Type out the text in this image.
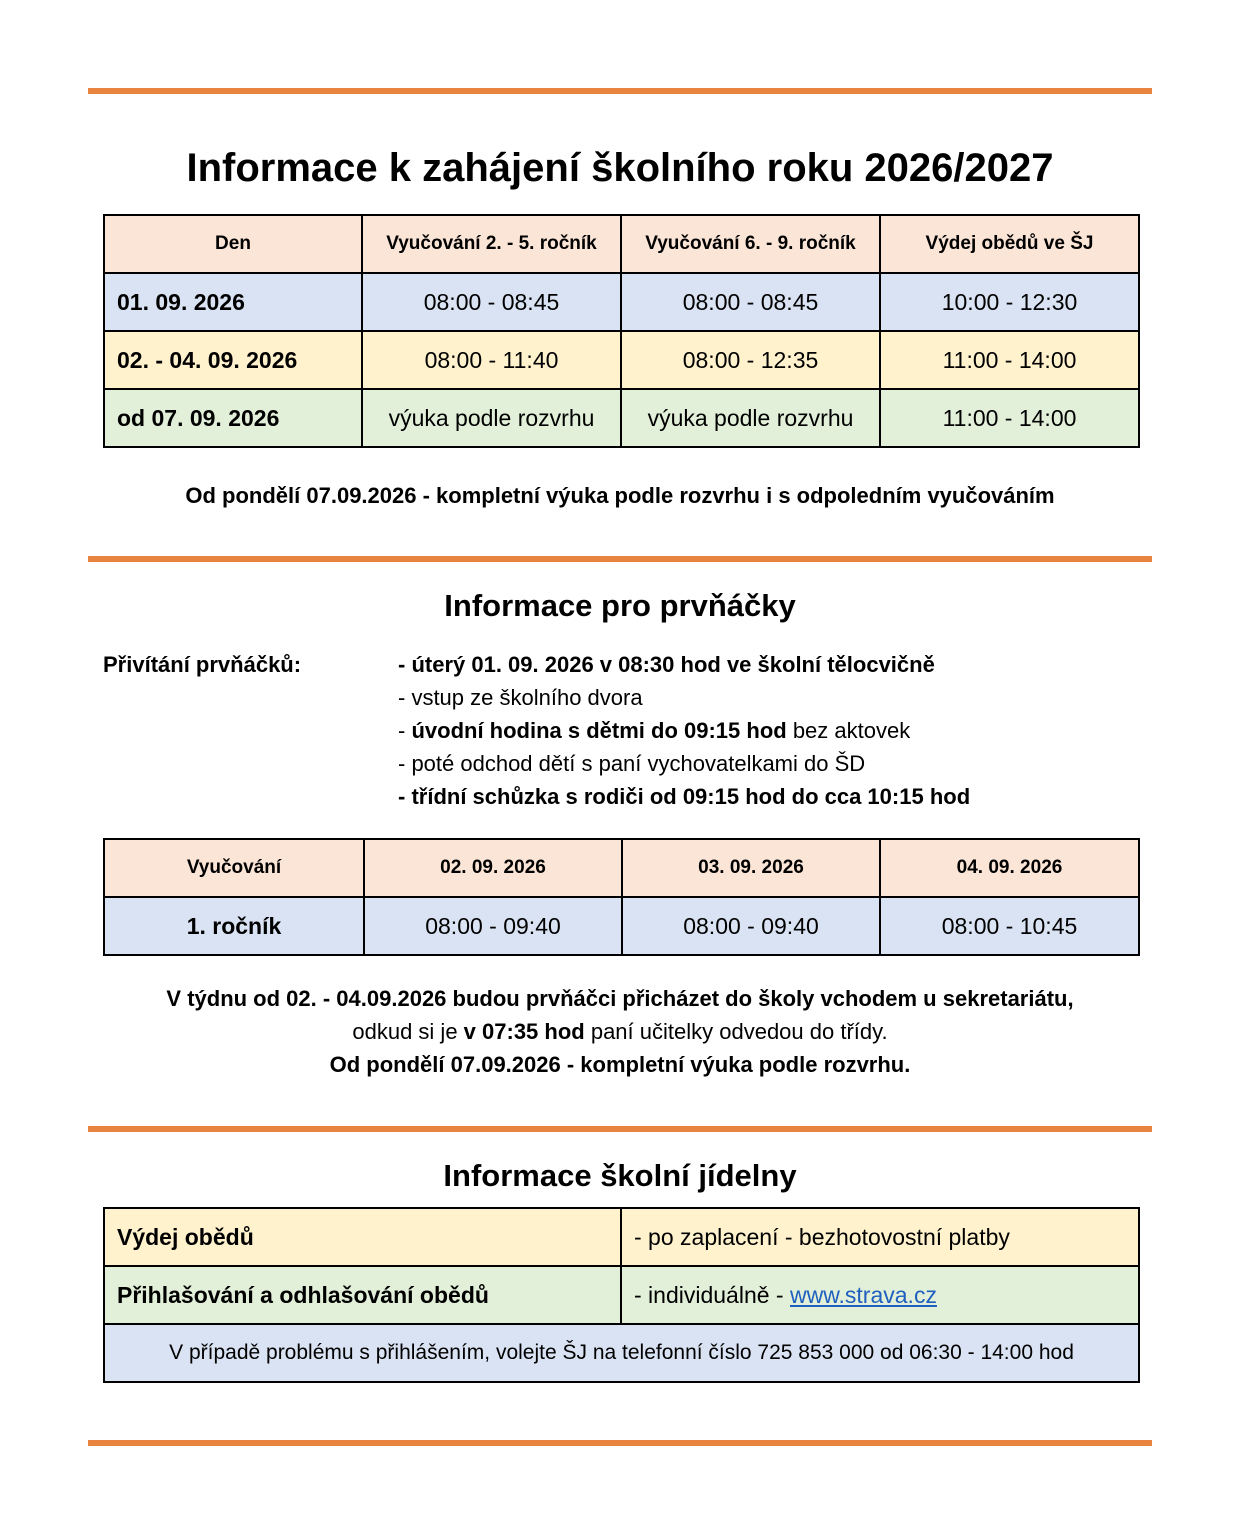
Informace k zahájení školního roku 2026/2027
Den	Vyučování 2. - 5. ročník	Vyučování 6. - 9. ročník	Výdej obědů ve ŠJ
01. 09. 2026	08:00 - 08:45	08:00 - 08:45	10:00 - 12:30
02. - 04. 09. 2026	08:00 - 11:40	08:00 - 12:35	11:00 - 14:00
od 07. 09. 2026	výuka podle rozvrhu	výuka podle rozvrhu	11:00 - 14:00
Od pondělí 07.09.2026 - kompletní výuka podle rozvrhu i s odpoledním vyučováním
Informace pro prvňáčky
Přivítání prvňáčků:	- úterý 01. 09. 2026 v 08:30 hod ve školní tělocvičně
- vstup ze školního dvora
- úvodní hodina s dětmi do 09:15 hod bez aktovek
- poté odchod dětí s paní vychovatelkami do ŠD
- třídní schůzka s rodiči od 09:15 hod do cca 10:15 hod
Vyučování	02. 09. 2026	03. 09. 2026	04. 09. 2026
1. ročník	08:00 - 09:40	08:00 - 09:40	08:00 - 10:45
V týdnu od 02. - 04.09.2026 budou prvňáčci přicházet do školy vchodem u sekretariátu,
odkud si je v 07:35 hod paní učitelky odvedou do třídy.
Od pondělí 07.09.2026 - kompletní výuka podle rozvrhu.
Informace školní jídelny
Výdej obědů	- po zaplacení - bezhotovostní platby
Přihlašování a odhlašování obědů	- individuálně - www.strava.cz
V případě problému s přihlášením, volejte ŠJ na telefonní číslo 725 853 000 od 06:30 - 14:00 hod	
